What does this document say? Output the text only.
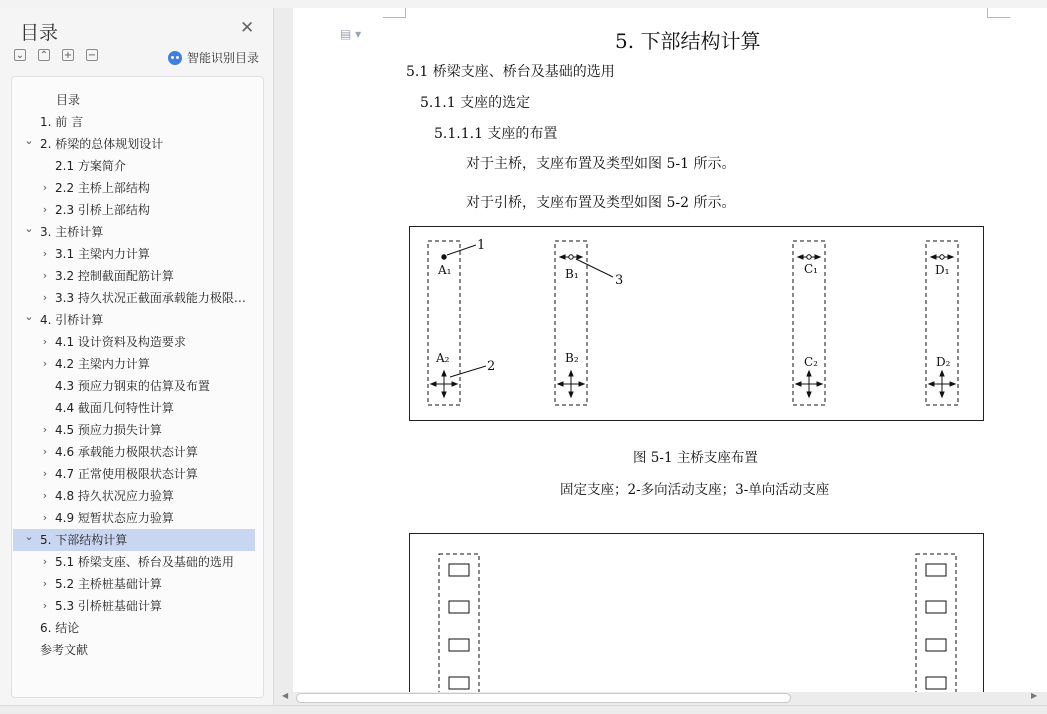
目录	✕
⌄ ⌃ + −	智能识别目录
目录
1. 前 言
⌄ 2. 桥梁的总体规划设计
2.1 方案简介
› 2.2 主桥上部结构
› 2.3 引桥上部结构
⌄ 3. 主桥计算
› 3.1 主梁内力计算
› 3.2 控制截面配筋计算
› 3.3 持久状况正截面承载能力极限 ...
⌄ 4. 引桥计算
› 4.1 设计资料及构造要求
› 4.2 主梁内力计算
4.3 预应力钢束的估算及布置
4.4 截面几何特性计算
› 4.5 预应力损失计算
› 4.6 承载能力极限状态计算
› 4.7 正常使用极限状态计算
› 4.8 持久状况应力验算
› 4.9 短暂状态应力验算
⌄ 5. 下部结构计算
› 5.1 桥梁支座、桥台及基础的选用
› 5.2 主桥桩基础计算
› 5.3 引桥桩基础计算
6. 结论
参考文献
▤ ▾	5. 下部结构计算
5.1 桥梁支座、桥台及基础的选用
5.1.1 支座的选定
5.1.1.1 支座的布置
对于主桥，支座布置及类型如图 5-1 所示。
对于引桥，支座布置及类型如图 5-2 所示。
A₁
A₂
B₁
B₂
C₁
C₂
D₁
D₂
1
2
3
图 5-1 主桥支座布置
固定支座；2-多向活动支座；3-单向活动支座
◀	▶
